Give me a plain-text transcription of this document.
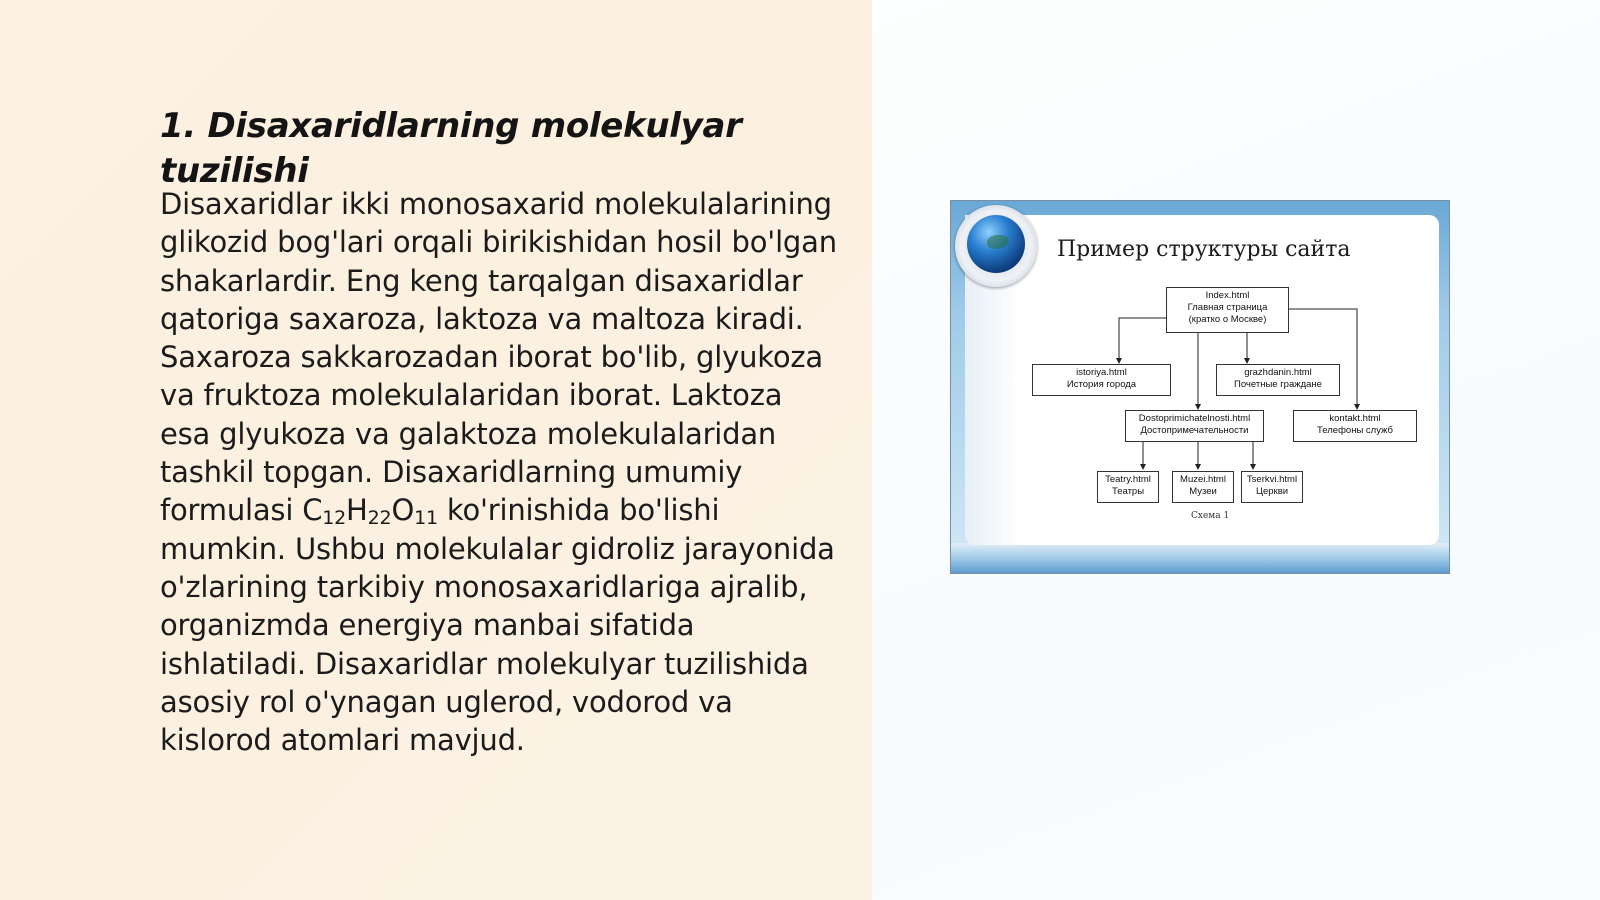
1. Disaxaridlarning molekulyar tuzilishi

Disaxaridlar ikki monosaxarid molekulalarining glikozid bog'lari orqali birikishidan hosil bo'lgan shakarlardir. Eng keng tarqalgan disaxaridlar qatoriga saxaroza, laktoza va maltoza kiradi. Saxaroza sakkarozadan iborat bo'lib, glyukoza va fruktoza molekulalaridan iborat. Laktoza esa glyukoza va galaktoza molekulalaridan tashkil topgan. Disaxaridlarning umumiy formulasi $C_{12}H_{22}O_{11}$ ko'rinishida bo'lishi mumkin. Ushbu molekulalar gidroliz jarayonida o'zlarining tarkibiy monosaxaridlariga ajralib, organizmda energiya manbai sifatida ishlatiladi. Disaxaridlar molekulyar tuzilishida asosiy rol o'ynagan uglerod, vodorod va kislorod atomlari mavjud.

Пример структуры сайта
Index.html
Главная страница
(кратко о Москве)
istoriya.html
История города
grazhdanin.html
Почетные граждане
Dostoprimichatelnosti.html
Достопримечательности
kontakt.html
Телефоны служб
Teatry.html
Театры
Muzei.html
Музеи
Tserkvi.html
Церкви
Схема 1
